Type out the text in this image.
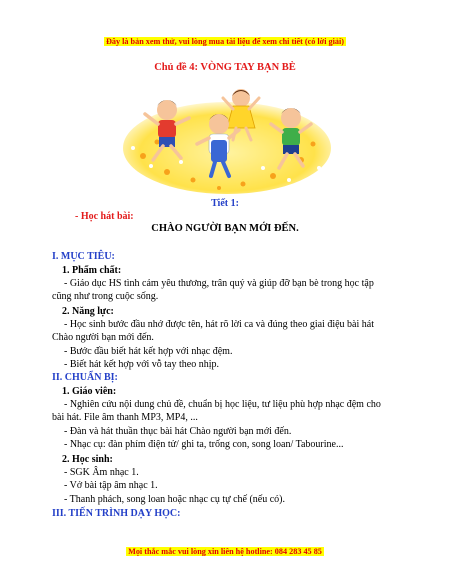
Đây là bản xem thử, vui lòng mua tài liệu để xem chi tiết (có lời giải)
Chủ đề 4: VÒNG TAY BẠN BÈ
Tiết 1:
- Học hát bài:
CHÀO NGƯỜI BẠN MỚI ĐẾN.
I. MỤC TIÊU:
1. Phẩm chất:
- Giáo dục HS tình cảm yêu thương, trân quý và giúp đỡ bạn bè trong học tập
cũng như trong cuộc sống.
2. Năng lực:
- Học sinh bước đầu nhớ được tên, hát rõ lời ca và đúng theo giai điệu bài hát
Chào người bạn mới đến.
- Bước đầu biết hát kết hợp với nhạc đệm.
- Biết hát kết hợp với vỗ tay theo nhịp.
II. CHUẨN BỊ:
1. Giáo viên:
- Nghiên cứu nội dung chủ đề, chuẩn bị học liệu, tư liệu phù hợp nhạc đệm cho
bài hát. File âm thanh MP3, MP4, ...
- Đàn và hát thuần thục bài hát Chào người bạn mới đến.
- Nhạc cụ: đàn phím điện tử/ ghi ta, trống con, song loan/ Tabourine...
2. Học sinh:
- SGK Âm nhạc 1.
- Vở bài tập âm nhạc 1.
- Thanh phách, song loan hoặc nhạc cụ tự chế (nếu có).
III. TIẾN TRÌNH DẠY HỌC:
Mọi thắc mắc vui lòng xin liên hệ hotline: 084 283 45 85
